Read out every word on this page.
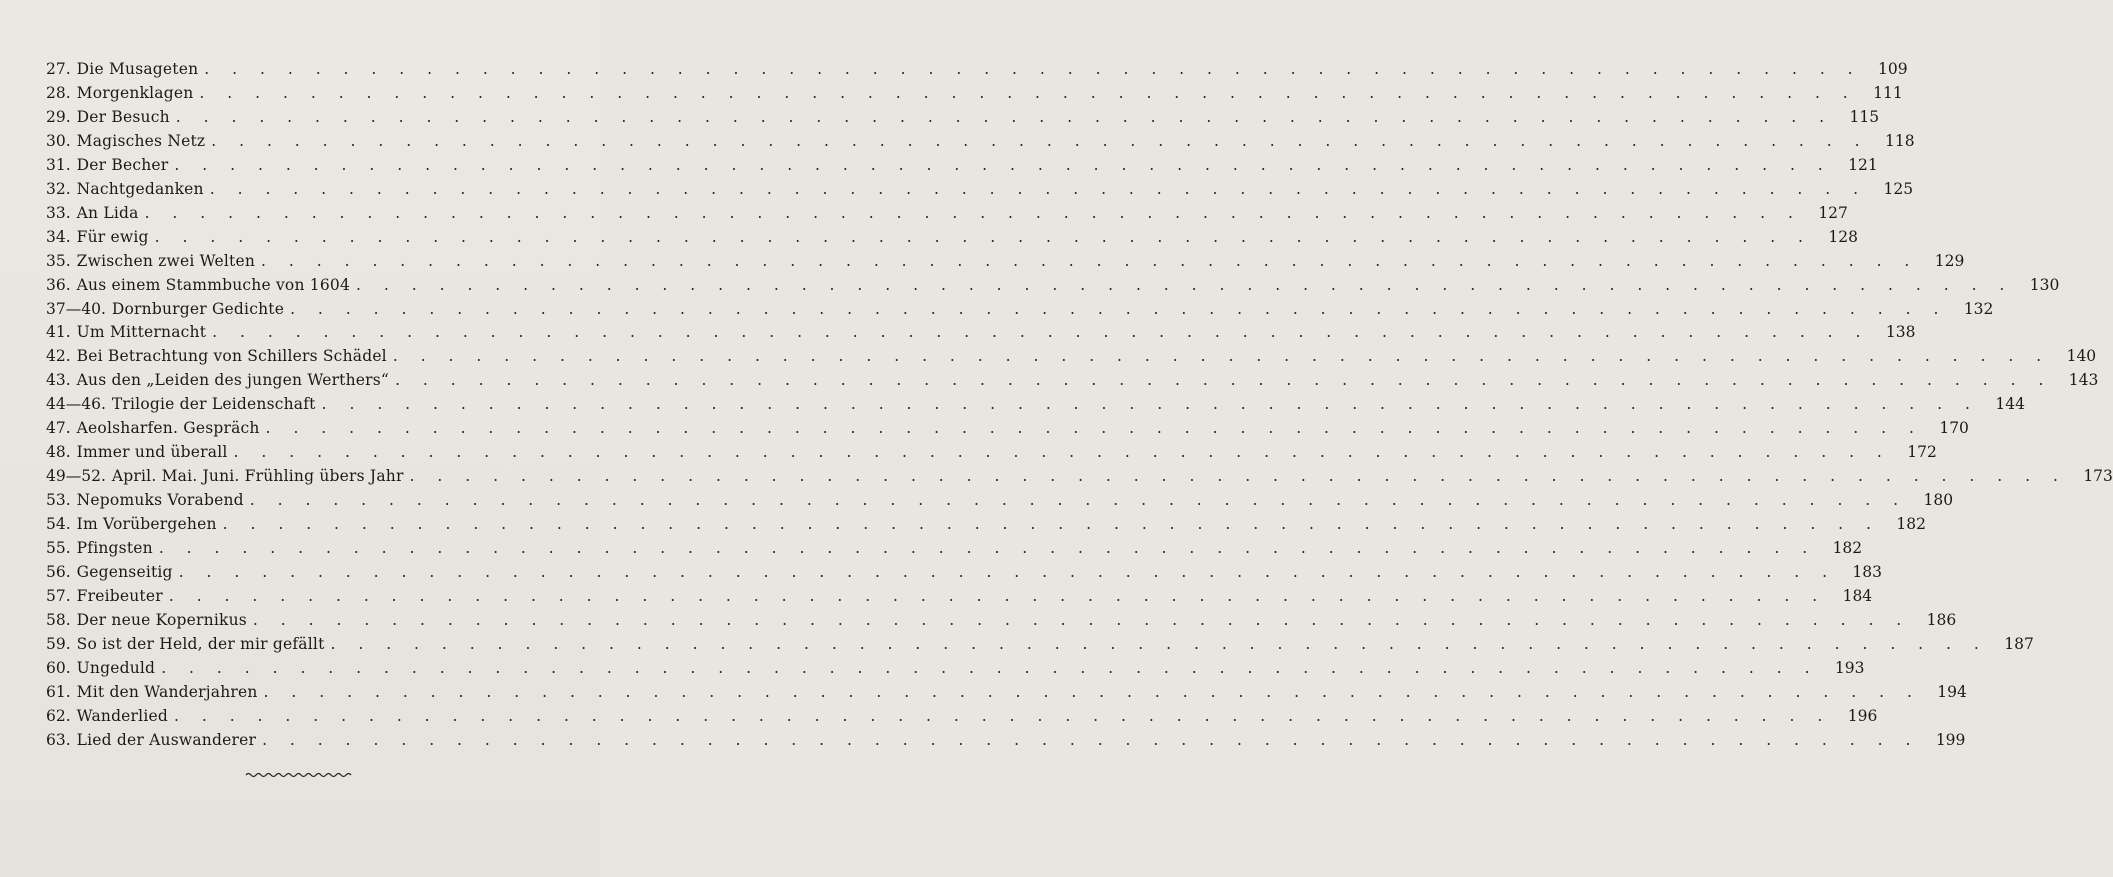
27. Die Musageten . . .	109
28. Morgenklagen . . .	111
29. Der Besuch . . .	115
30. Magisches Netz . . .	118
31. Der Becher . . .	121
32. Nachtgedanken . . .	125
33. An Lida . . .	127
34. Für ewig . . .	128
35. Zwischen zwei Welten . . .	129
36. Aus einem Stammbuche von 1604 . . .	130
37—40. Dornburger Gedichte . . .	132
41. Um Mitternacht . . .	138
42. Bei Betrachtung von Schillers Schädel . . .	140
43. Aus den „Leiden des jungen Werthers“ . . .	143
44—46. Trilogie der Leidenschaft . . .	144
47. Aeolsharfen. Gespräch . . .	170
48. Immer und überall . . .	172
49—52. April. Mai. Juni. Frühling übers Jahr . . .	173
53. Nepomuks Vorabend . . .	180
54. Im Vorübergehen . . .	182
55. Pfingsten . . .	182
56. Gegenseitig . . .	183
57. Freibeuter . . .	184
58. Der neue Kopernikus . . .	186
59. So ist der Held, der mir gefällt . . .	187
60. Ungeduld . . .	193
61. Mit den Wanderjahren . . .	194
62. Wanderlied . . .	196
63. Lied der Auswanderer . . .	199
